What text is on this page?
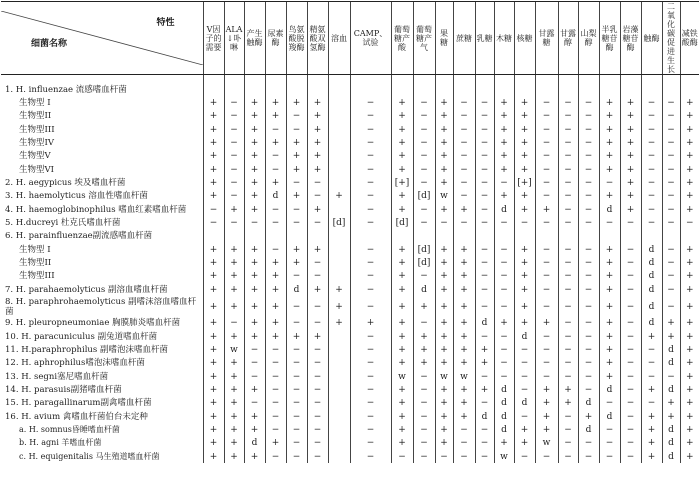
特性
细菌名称	V因子的需要	ALA↓卟啉	产生触酶	尿素酶	鸟氨酸脱羧酶	精氨酸双氢酶	溶血	CAMP、试验	葡萄糖产酸	葡萄糖产气	果糖	蔗糖	乳糖	木糖	核糖	甘露糖	甘露醇	山梨醇	半乳糖苷酶	岩藻糖苷酶	触酶	二氧化碳促进生长	减铁酸酶

1. H. influenzae 流感嗜血杆菌																							
生物型 I	+	−	+	+	+	+		−	+	−	+	−	−	+	+	−	−	−	+	+	−	−	+
生物型II	+	−	+	+	−	+		−	+	−	+	−	−	+	+	−	−	−	+	+	−	−	+
生物型III	+	−	+	−	−	+		−	+	−	+	−	−	+	+	−	−	−	+	+	−	−	+
生物型IV	+	−	+	+	+	+		−	+	−	+	−	−	+	+	−	−	−	+	+	−	−	+
生物型V	+	−	+	−	+	+		−	+	−	+	−	−	+	+	−	−	−	+	+	−	−	+
生物型VI	+	−	+	−	+	+		−	+	−	+	−	−	+	+	−	−	−	+	+	−	−	+
2. H. aegypicus 埃及嗜血杆菌	+	−	+	+	−	−		−	[+]	−	+	−	−	−	[+]	−	−	−	−	+	−	−	+
3. H. haemolyticus 溶血性嗜血杆菌	+	−	+	d	+	−	+	−	+	[d]	w	−	−	+	+	−	−	−	+	+	−	−	+
4. H. haemoglobinophilus 嗜血红素嗜血杆菌	−	+	+	−	−	+		−	+	−	+	+	−	d	+	+	−	−	d	+	−	−	+
5. H.ducreyi 杜克氏嗜血杆菌	−	−	−	−	−	−	[d]	−	[d]	−	−	−	−	−	−	−	−	−	−	−	−	−	−
6. H. parainfluenzae副流感嗜血杆菌																							
生物型 I	+	+	+	−	+	+		−	+	[d]	+	+	−	−	+	−	−	−	+	−	d	−	+
生物型II	+	+	+	+	+	−		−	+	[d]	+	+	−	−	+	−	−	−	+	−	d	−	+
生物型III	+	+	+	+	−	−		−	+	−	+	+	−	−	+	−	−	−	+	−	d	−	+
7. H. parahaemolyticus 副溶血嗜血杆菌	+	+	+	+	d	+	+	−	+	d	+	+	−	−	+	−	−	−	+	−	d	−	+
8. H. paraphrohaemolyticus 副嗜沫溶血嗜血杆菌	+	+	+	+	−	−	+	−	+	+	+	+	−	−	+	−	−	−	+	−	d	−	+
9. H. pleuropneumoniae 胸膜肺炎嗜血杆菌	+	−	+	+	−	−	+	+	+	−	+	+	d	+	+	+	−	−	+	−	d	+	+
10. H. paracuniculus 副兔道嗜血杆菌	+	+	+	+	+	+		−	+	+	+	+	−	−	d	−	−	−	+	−	+	+	+
11. H.paraphrophilus 副嗜泡沫嗜血杆菌	+	w	−	−	−	−		−	+	+	+	+	+	−	−	−	−	−	+	−	−	d	+
12. H. aphrophilus嗜泡沫嗜血杆菌	+	+	−	−	−	−		−	+	+	+	+	+	−	−	−	−	−	+	−	−	d	+
13. H. segni塞尼嗜血杆菌	+	+	−	−	−	−		−	w	−	w	w	−	−	−	−	−	−	+	−	−	−	+
14. H. parasuis副猪嗜血杆菌	+	+	+	−	−	−		−	+	−	+	+	+	d	−	+	+	−	d	−	+	d	+
15. H. paragallinarum副禽嗜血杆菌	+	+	−	−	−	−		−	+	−	+	+	−	d	d	+	+	d	−	−	−	+	+
16. H. avium 禽嗜血杆菌伯台未定种	+	+	+	−	−	−		−	+	−	+	+	d	d	−	+	−	+	d	−	+	+	+
a. H. somnus昏睡嗜血杆菌	+	+	+	−	−	−		−	+	−	+	−	−	d	+	+	−	d	−	−	+	d	+
b. H. agni 羊嗜血杆菌	+	+	d	+	−	−		−	+	−	+	−	−	+	+	w	−	−	−	−	+	d	+
c. H. equigenitalis 马生殖道嗜血杆菌	+	+	+	−	−	−		−	−	−	−	−	−	w	−	−	−	−	−	−	+	d	+
